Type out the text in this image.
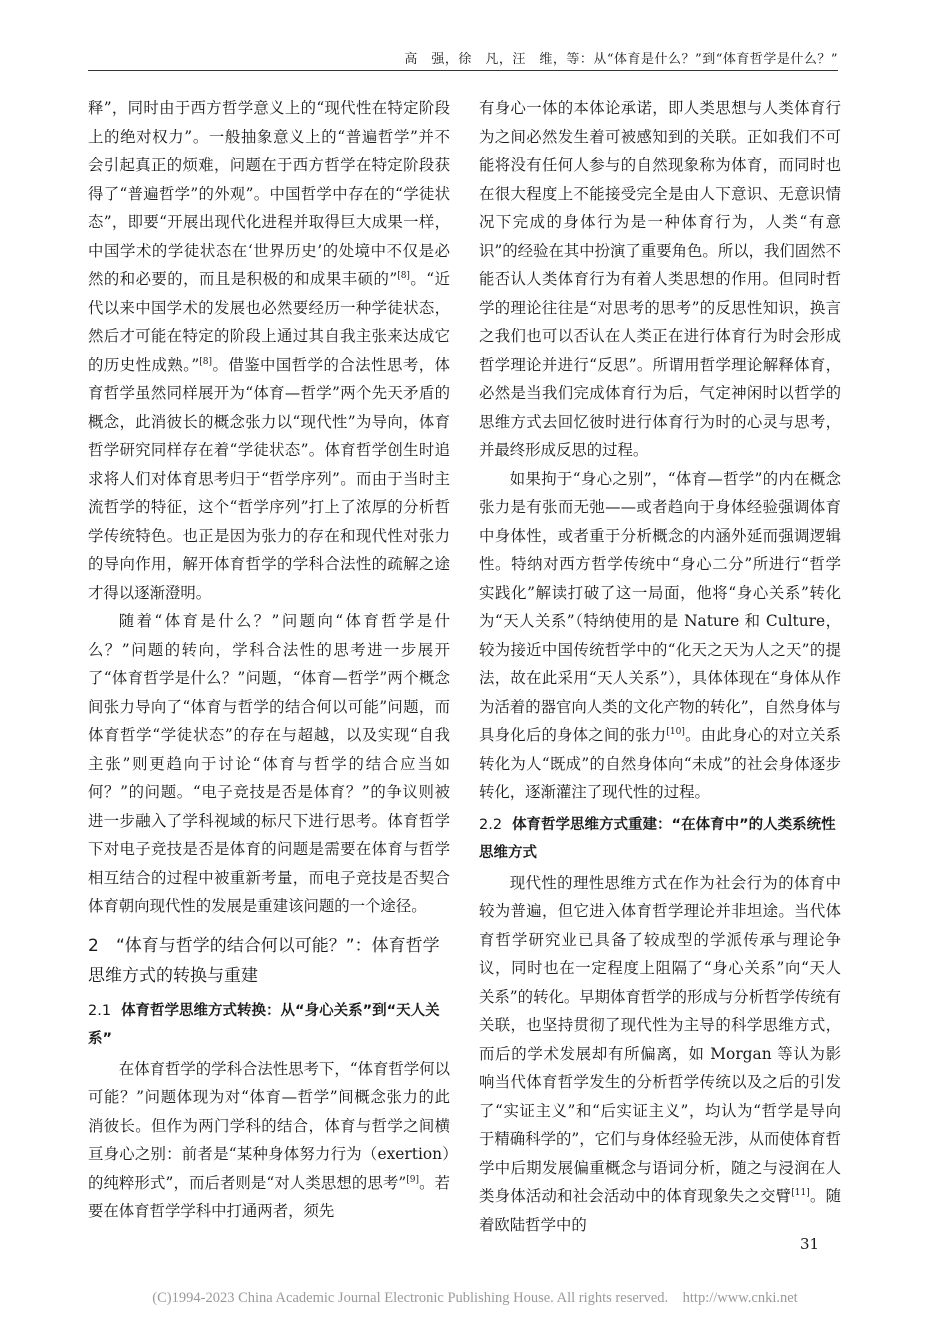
高　强，徐　凡，汪　维，等：从“体育是什么？”到“体育哲学是什么？”

释”，同时由于西方哲学意义上的“现代性在特定阶段上的绝对权力”。一般抽象意义上的“普遍哲学”并不会引起真正的烦难，问题在于西方哲学在特定阶段获得了“普遍哲学”的外观”。中国哲学中存在的“学徒状态”，即要“开展出现代化进程并取得巨大成果一样，中国学术的学徒状态在‘世界历史’的处境中不仅是必然的和必要的，而且是积极的和成果丰硕的”[8]。“近代以来中国学术的发展也必然要经历一种学徒状态，然后才可能在特定的阶段上通过其自我主张来达成它的历史性成熟。”[8]。借鉴中国哲学的合法性思考，体育哲学虽然同样展开为“体育—哲学”两个先天矛盾的概念，此消彼长的概念张力以“现代性”为导向，体育哲学研究同样存在着“学徒状态”。体育哲学创生时追求将人们对体育思考归于“哲学序列”。而由于当时主流哲学的特征，这个“哲学序列”打上了浓厚的分析哲学传统特色。也正是因为张力的存在和现代性对张力的导向作用，解开体育哲学的学科合法性的疏解之途才得以逐渐澄明。

随着“体育是什么？”问题向“体育哲学是什么？”问题的转向，学科合法性的思考进一步展开了“体育哲学是什么？”问题，“体育—哲学”两个概念间张力导向了“体育与哲学的结合何以可能”问题，而体育哲学“学徒状态”的存在与超越，以及实现“自我主张”则更趋向于讨论“体育与哲学的结合应当如何？”的问题。“电子竞技是否是体育？”的争议则被进一步融入了学科视域的标尺下进行思考。体育哲学下对电子竞技是否是体育的问题是需要在体育与哲学相互结合的过程中被重新考量，而电子竞技是否契合体育朝向现代性的发展是重建该问题的一个途径。

2 “体育与哲学的结合何以可能？”：体育哲学思维方式的转换与重建
2.1 体育哲学思维方式转换：从“身心关系”到“天人关系”

在体育哲学的学科合法性思考下，“体育哲学何以可能？”问题体现为对“体育—哲学”间概念张力的此消彼长。但作为两门学科的结合，体育与哲学之间横亘身心之别：前者是“某种身体努力行为（exertion）的纯粹形式”，而后者则是“对人类思想的思考”[9]。若要在体育哲学学科中打通两者，须先

有身心一体的本体论承诺，即人类思想与人类体育行为之间必然发生着可被感知到的关联。正如我们不可能将没有任何人参与的自然现象称为体育，而同时也在很大程度上不能接受完全是由人下意识、无意识情况下完成的身体行为是一种体育行为，人类“有意识”的经验在其中扮演了重要角色。所以，我们固然不能否认人类体育行为有着人类思想的作用。但同时哲学的理论往往是“对思考的思考”的反思性知识，换言之我们也可以否认在人类正在进行体育行为时会形成哲学理论并进行“反思”。所谓用哲学理论解释体育，必然是当我们完成体育行为后，气定神闲时以哲学的思维方式去回忆彼时进行体育行为时的心灵与思考，并最终形成反思的过程。

如果拘于“身心之别”，“体育—哲学”的内在概念张力是有张而无弛——或者趋向于身体经验强调体育中身体性，或者重于分析概念的内涵外延而强调逻辑性。特纳对西方哲学传统中“身心二分”所进行“哲学实践化”解读打破了这一局面，他将“身心关系”转化为“天人关系”（特纳使用的是 Nature 和 Culture，较为接近中国传统哲学中的“化天之天为人之天”的提法，故在此采用“天人关系”），具体体现在“身体从作为活着的器官向人类的文化产物的转化”，自然身体与具身化后的身体之间的张力[10]。由此身心的对立关系转化为人“既成”的自然身体向“未成”的社会身体逐步转化，逐渐灌注了现代性的过程。

2.2 体育哲学思维方式重建：“在体育中”的人类系统性思维方式

现代性的理性思维方式在作为社会行为的体育中较为普遍，但它进入体育哲学理论并非坦途。当代体育哲学研究业已具备了较成型的学派传承与理论争议，同时也在一定程度上阻隔了“身心关系”向“天人关系”的转化。早期体育哲学的形成与分析哲学传统有关联，也坚持贯彻了现代性为主导的科学思维方式，而后的学术发展却有所偏离，如 Morgan 等认为影响当代体育哲学发生的分析哲学传统以及之后的引发了“实证主义”和“后实证主义”，均认为“哲学是导向于精确科学的”，它们与身体经验无涉，从而使体育哲学中后期发展偏重概念与语词分析，随之与浸润在人类身体活动和社会活动中的体育现象失之交臂[11]。随着欧陆哲学中的

31
(C)1994-2023 China Academic Journal Electronic Publishing House. All rights reserved.    http://www.cnki.net
